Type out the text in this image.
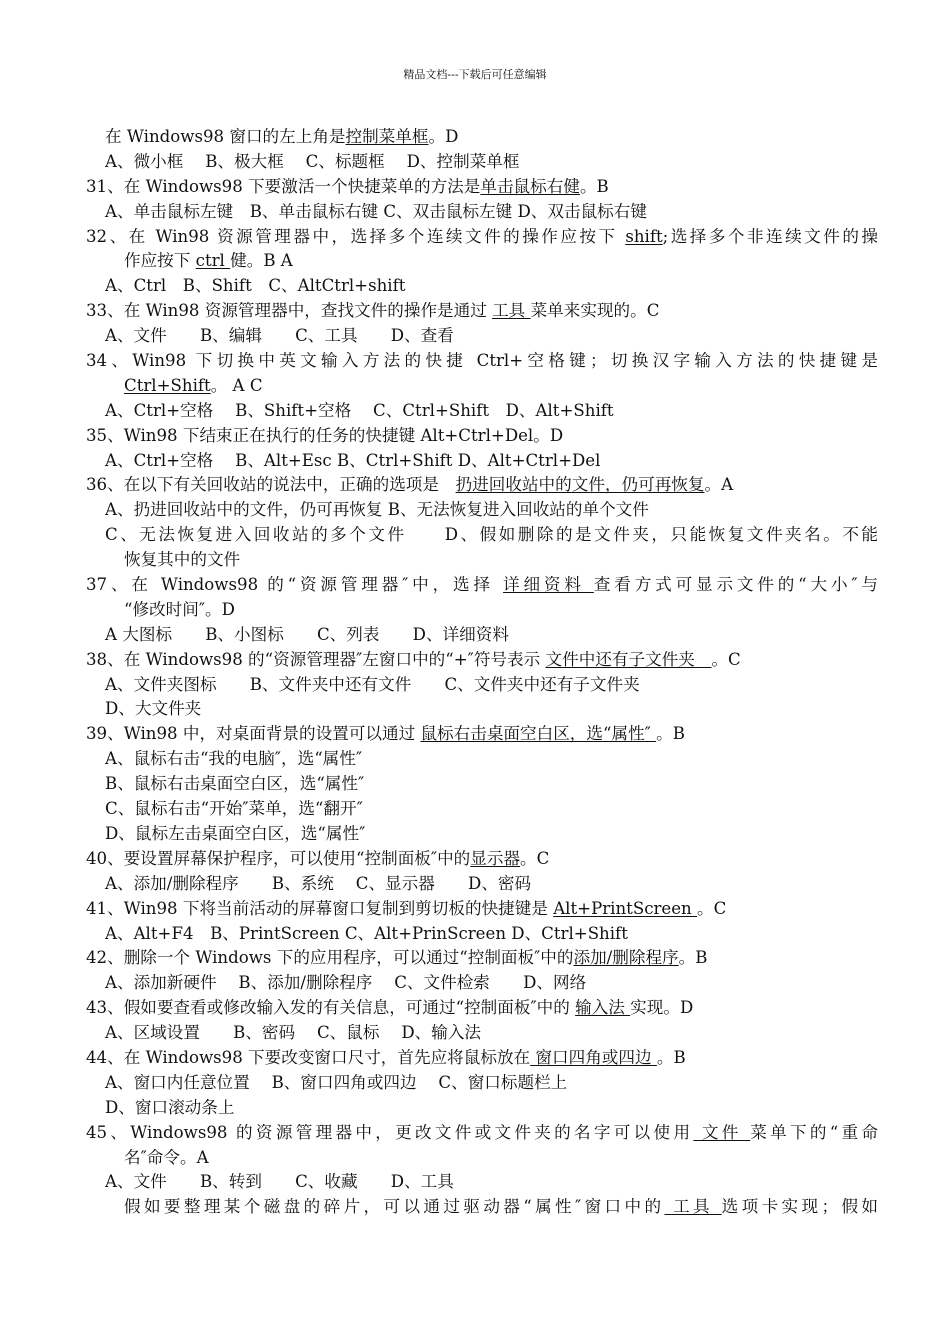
精品文档---下载后可任意编辑
在 Windows98 窗口的左上角是控制菜单框。D
A、微小框　 B、极大框　 C、标题框　 D、控制菜单框
31、在 Windows98 下要激活一个快捷菜单的方法是单击鼠标右健。B
A、单击鼠标左键　B、单击鼠标右键 C、双击鼠标左键 D、双击鼠标右键
32、在 Win98 资源管理器中，选择多个连续文件的操作应按下 shift;选择多个非连续文件的操
作应按下 ctrl 健。B A
A、Ctrl　B、Shift　C、AltCtrl+shift
33、在 Win98 资源管理器中，查找文件的操作是通过 工具 菜单来实现的。C
A、文件　　B、编辑　　C、工具　　D、查看
34、Win98 下切换中英文输入方法的快捷 Ctrl+空格键；切换汉字输入方法的快捷键是
Ctrl+Shift。 A C
A、Ctrl+空格　 B、Shift+空格　 C、Ctrl+Shift　D、Alt+Shift
35、Win98 下结束正在执行的任务的快捷键 Alt+Ctrl+Del。D
A、Ctrl+空格　 B、Alt+Esc B、Ctrl+Shift D、Alt+Ctrl+Del
36、在以下有关回收站的说法中，正确的选项是　扔进回收站中的文件，仍可再恢复。A
A、扔进回收站中的文件，仍可再恢复 B、无法恢复进入回收站的单个文件
C、无法恢复进入回收站的多个文件　　D、假如删除的是文件夹，只能恢复文件夹名。不能
恢复其中的文件
37、在 Windows98 的“资源管理器″中，选择 详细资料 查看方式可显示文件的“大小″与
“修改时间″。D
A 大图标　　B、小图标　　C、列表　　D、详细资料
38、在 Windows98 的“资源管理器″左窗口中的“+″符号表示 文件中还有子文件夹　。C
A、文件夹图标　　B、文件夹中还有文件　　C、文件夹中还有子文件夹
D、大文件夹
39、Win98 中，对桌面背景的设置可以通过 鼠标右击桌面空白区，选“属性″ 。B
A、鼠标右击“我的电脑″，选“属性″
B、鼠标右击桌面空白区，选“属性″
C、鼠标右击“开始″菜单，选“翻开″
D、鼠标左击桌面空白区，选“属性″
40、要设置屏幕保护程序，可以使用“控制面板″中的显示器。C
A、添加/删除程序　　B、系统　 C、显示器　　D、密码
41、Win98 下将当前活动的屏幕窗口复制到剪切板的快捷键是 Alt+PrintScreen 。C
A、Alt+F4　B、PrintScreen C、Alt+PrinScreen D、Ctrl+Shift
42、删除一个 Windows 下的应用程序，可以通过“控制面板″中的添加/删除程序。B
A、添加新硬件　 B、添加/删除程序　 C、文件检索　　D、网络
43、假如要查看或修改输入发的有关信息，可通过“控制面板″中的 输入法 实现。D
A、区域设置　　B、密码　 C、鼠标　 D、输入法
44、在 Windows98 下要改变窗口尺寸，首先应将鼠标放在 窗口四角或四边 。B
A、窗口内任意位置　 B、窗口四角或四边　 C、窗口标题栏上
D、窗口滚动条上
45、Windows98 的资源管理器中，更改文件或文件夹的名字可以使用 文件 菜单下的“重命
名″命令。A
A、文件　　B、转到　　C、收藏　　D、工具
假如要整理某个磁盘的碎片，可以通过驱动器“属性″窗口中的 工具 选项卡实现；假如
